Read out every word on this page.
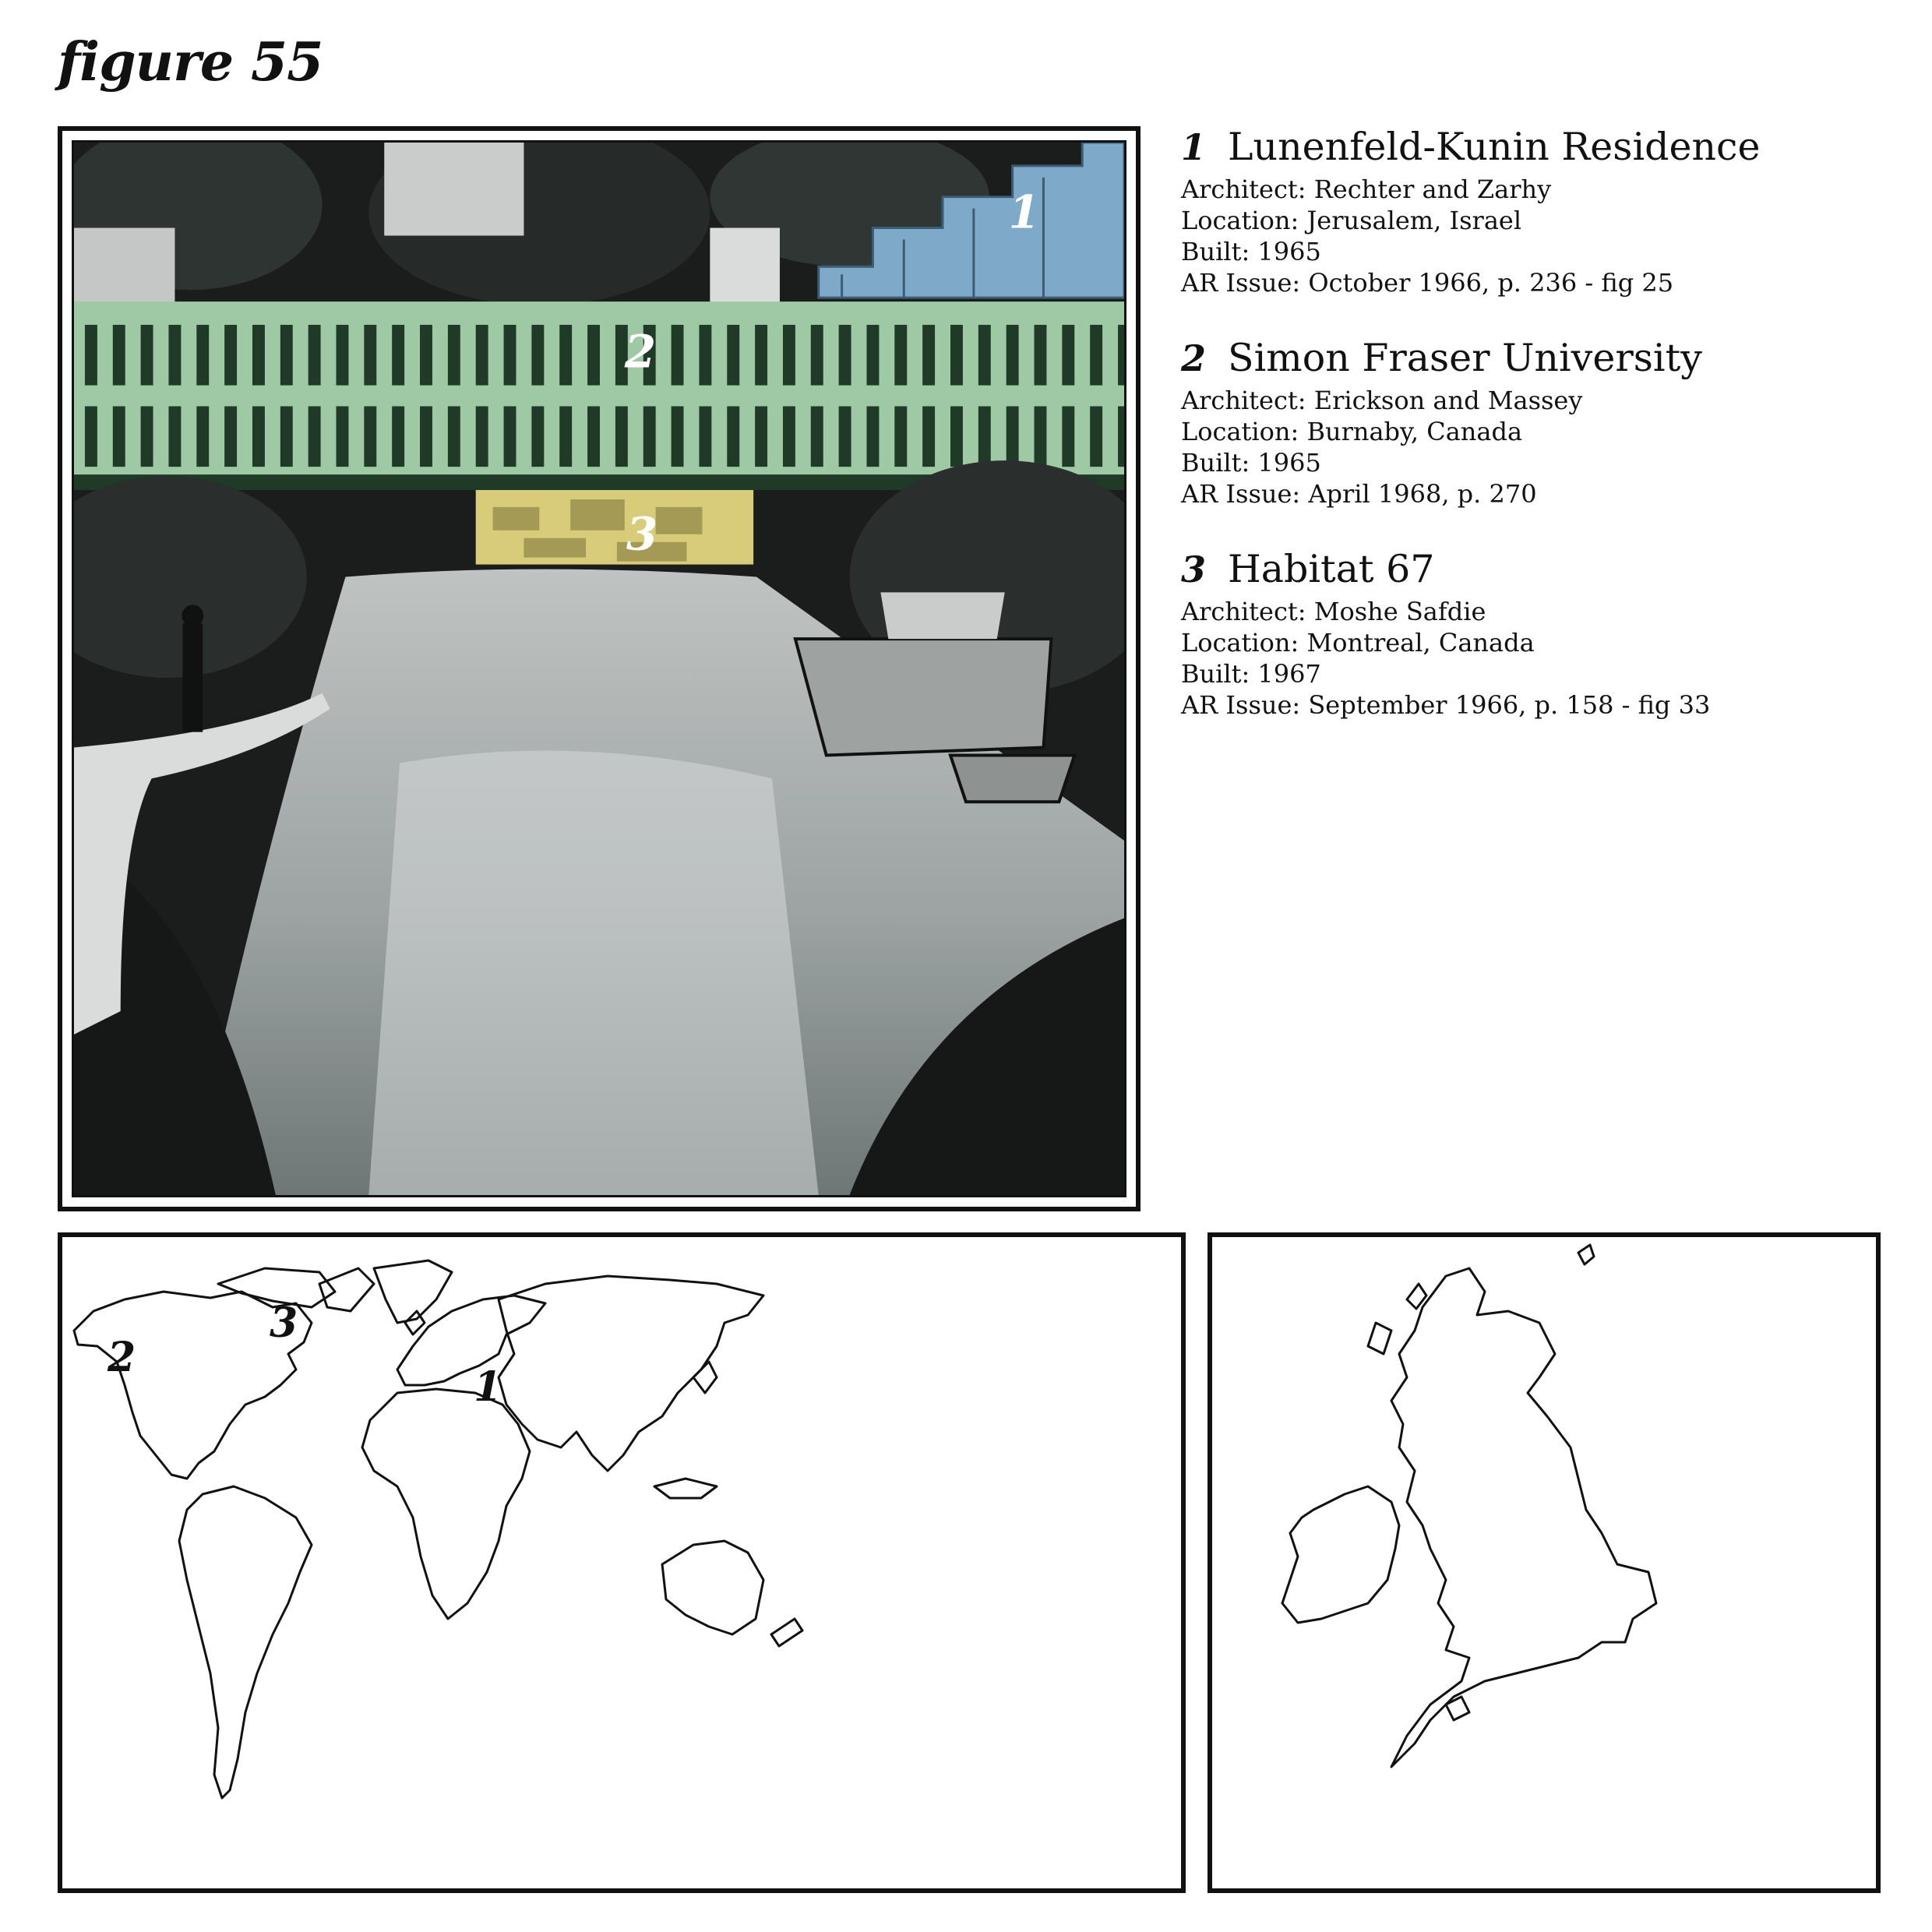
figure 55
1
2
3
1 Lunenfeld-Kunin Residence
Architect: Rechter and Zarhy
Location: Jerusalem, Israel
Built: 1965
AR Issue: October 1966, p. 236 - fig 25
2 Simon Fraser University
Architect: Erickson and Massey
Location: Burnaby, Canada
Built: 1965
AR Issue: April 1968, p. 270
3 Habitat 67
Architect: Moshe Safdie
Location: Montreal, Canada
Built: 1967
AR Issue: September 1966, p. 158 - fig 33
1
2
3
